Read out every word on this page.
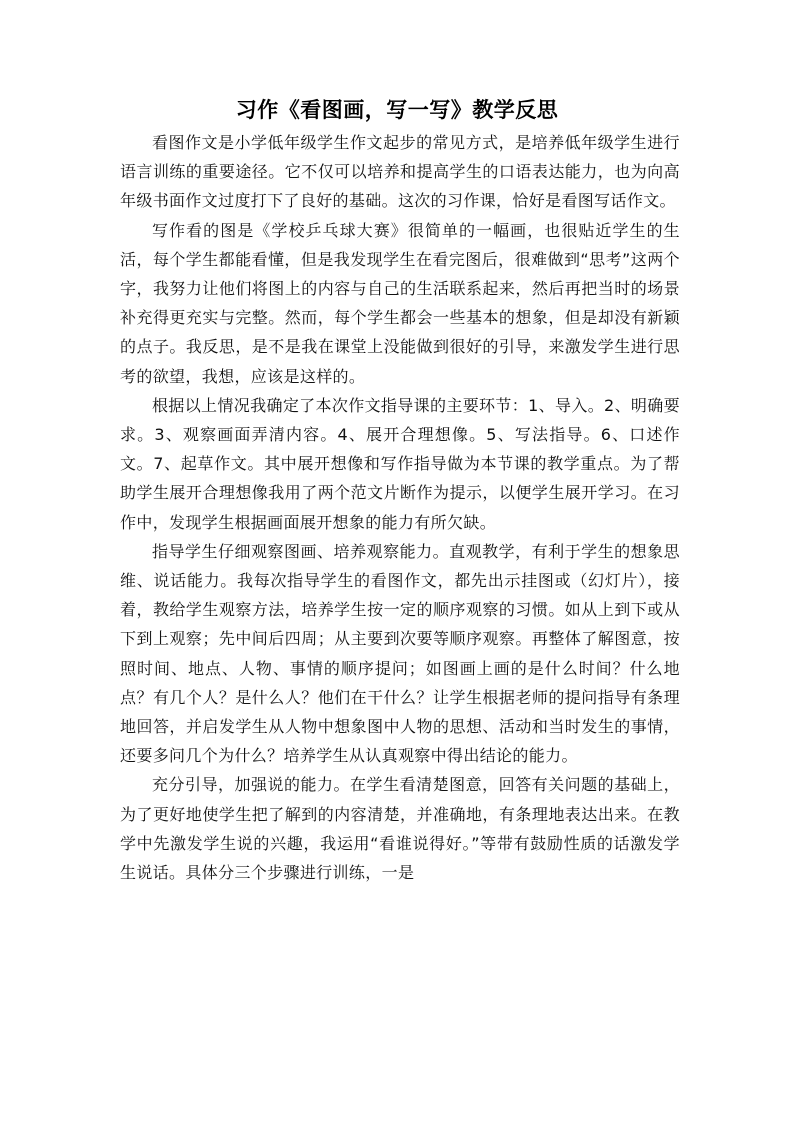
习作《看图画，写一写》教学反思

看图作文是小学低年级学生作文起步的常见方式，是培养低年级学生进行语言训练的重要途径。它不仅可以培养和提高学生的口语表达能力，也为向高年级书面作文过度打下了良好的基础。这次的习作课，恰好是看图写话作文。

写作看的图是《学校乒乓球大赛》很简单的一幅画，也很贴近学生的生活，每个学生都能看懂，但是我发现学生在看完图后，很难做到“思考”这两个字，我努力让他们将图上的内容与自己的生活联系起来，然后再把当时的场景补充得更充实与完整。然而，每个学生都会一些基本的想象，但是却没有新颖的点子。我反思，是不是我在课堂上没能做到很好的引导，来激发学生进行思考的欲望，我想，应该是这样的。

根据以上情况我确定了本次作文指导课的主要环节：1、导入。2、明确要求。3、观察画面弄清内容。4、展开合理想像。5、写法指导。6、口述作文。7、起草作文。其中展开想像和写作指导做为本节课的教学重点。为了帮助学生展开合理想像我用了两个范文片断作为提示，以便学生展开学习。在习作中，发现学生根据画面展开想象的能力有所欠缺。

指导学生仔细观察图画、培养观察能力。直观教学，有利于学生的想象思维、说话能力。我每次指导学生的看图作文，都先出示挂图或（幻灯片），接着，教给学生观察方法，培养学生按一定的顺序观察的习惯。如从上到下或从下到上观察；先中间后四周；从主要到次要等顺序观察。再整体了解图意，按照时间、地点、人物、事情的顺序提问；如图画上画的是什么时间？什么地点？有几个人？是什么人？他们在干什么？让学生根据老师的提问指导有条理地回答，并启发学生从人物中想象图中人物的思想、活动和当时发生的事情，还要多问几个为什么？培养学生从认真观察中得出结论的能力。

充分引导，加强说的能力。在学生看清楚图意，回答有关问题的基础上，为了更好地使学生把了解到的内容清楚，并准确地，有条理地表达出来。在教学中先激发学生说的兴趣，我运用“看谁说得好。”等带有鼓励性质的话激发学生说话。具体分三个步骤进行训练，一是
